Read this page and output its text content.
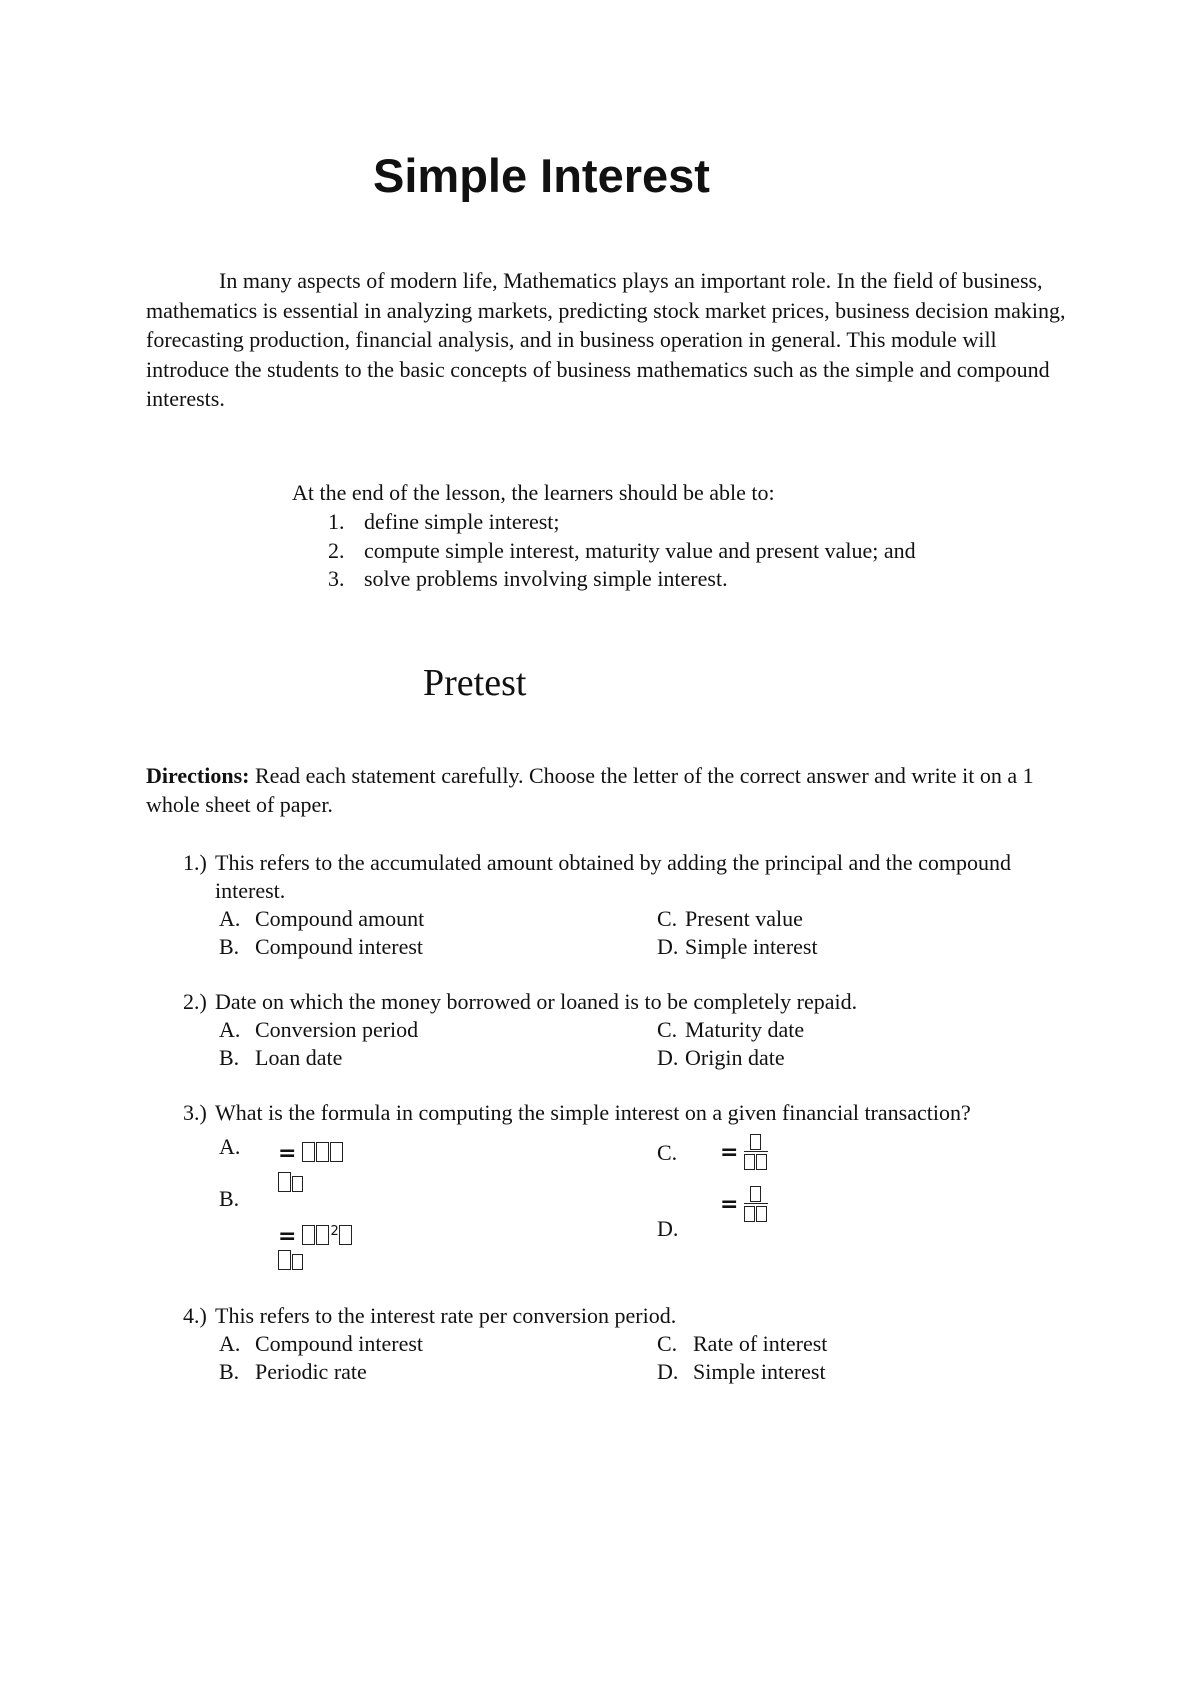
Simple Interest

In many aspects of modern life, Mathematics plays an important role. In the field of business, mathematics is essential in analyzing markets, predicting stock market prices, business decision making, forecasting production, financial analysis, and in business operation in general. This module will introduce the students to the basic concepts of business mathematics such as the simple and compound interests.

At the end of the lesson, the learners should be able to:

1. define simple interest;
2. compute simple interest, maturity value and present value; and
3. solve problems involving simple interest.
Pretest

Directions: Read each statement carefully. Choose the letter of the correct answer and write it on a 1 whole sheet of paper.

1.) This refers to the accumulated amount obtained by adding the principal and the compound interest.

A. Compound amount
B. Compound interest
C. Present value
D. Simple interest

2.) Date on which the money borrowed or loaned is to be completely repaid.

A. Conversion period
B. Loan date
C. Maturity date
D. Origin date

3.) What is the formula in computing the simple interest on a given financial transaction?

A.
B.
C.
D.
=
=	$^2$
=
=

4.) This refers to the interest rate per conversion period.

A. Compound interest
B. Periodic rate
C. Rate of interest
D. Simple interest
